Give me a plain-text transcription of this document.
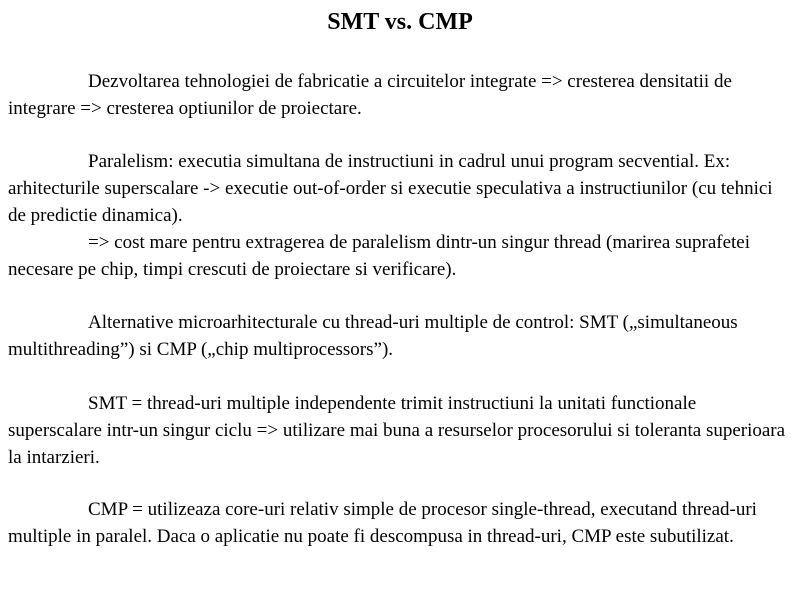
SMT vs. CMP

Dezvoltarea tehnologiei de fabricatie a circuitelor integrate => cresterea densitatii de integrare => cresterea optiunilor de proiectare.

Paralelism: executia simultana de instructiuni in cadrul unui program secvential. Ex: arhitecturile superscalare -> executie out-of-order si executie speculativa a instructiunilor (cu tehnici de predictie dinamica).

=> cost mare pentru extragerea de paralelism dintr-un singur thread (marirea suprafetei necesare pe chip, timpi crescuti de proiectare si verificare).

Alternative microarhitecturale cu thread-uri multiple de control: SMT („simultaneous multithreading”) si CMP („chip multiprocessors”).

SMT = thread-uri multiple independente trimit instructiuni la unitati functionale superscalare intr-un singur ciclu => utilizare mai buna a resurselor procesorului si toleranta superioara la intarzieri.

CMP = utilizeaza core-uri relativ simple de procesor single-thread, executand thread-uri multiple in paralel. Daca o aplicatie nu poate fi descompusa in thread-uri, CMP este subutilizat.
